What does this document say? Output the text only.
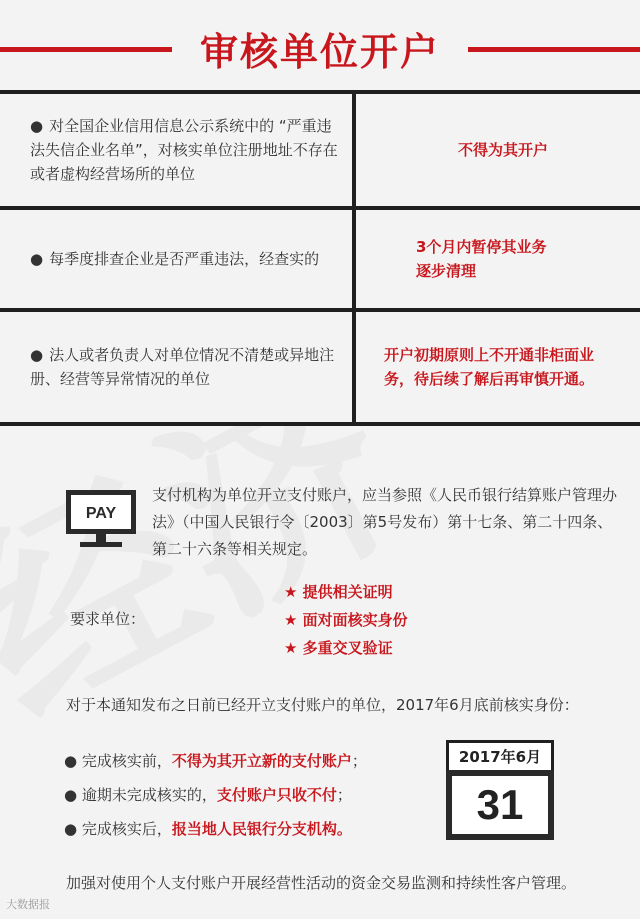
审核单位开户
● 对全国企业信用信息公示系统中的 “严重违法失信企业名单”，对核实单位注册地址不存在或者虚构经营场所的单位
不得为其开户
● 每季度排查企业是否严重违法，经查实的
3个月内暂停其业务逐步清理
● 法人或者负责人对单位情况不清楚或异地注册、经营等异常情况的单位
开户初期原则上不开通非柜面业务，待后续了解后再审慎开通。
PAY

支付机构为单位开立支付账户，应当参照《人民币银行结算账户管理办法》（中国人民银行令〔2003〕第5号发布）第十七条、第二十四条、第二十六条等相关规定。

要求单位：
★ 提供相关证明
★ 面对面核实身份
★ 多重交叉验证

对于本通知发布之日前已经开立支付账户的单位，2017年6月底前核实身份：

● 完成核实前，不得为其开立新的支付账户；
● 逾期未完成核实的，支付账户只收不付；
● 完成核实后，报当地人民银行分支机构。
2017年6月
31

加强对使用个人支付账户开展经营性活动的资金交易监测和持续性客户管理。

大数据报
